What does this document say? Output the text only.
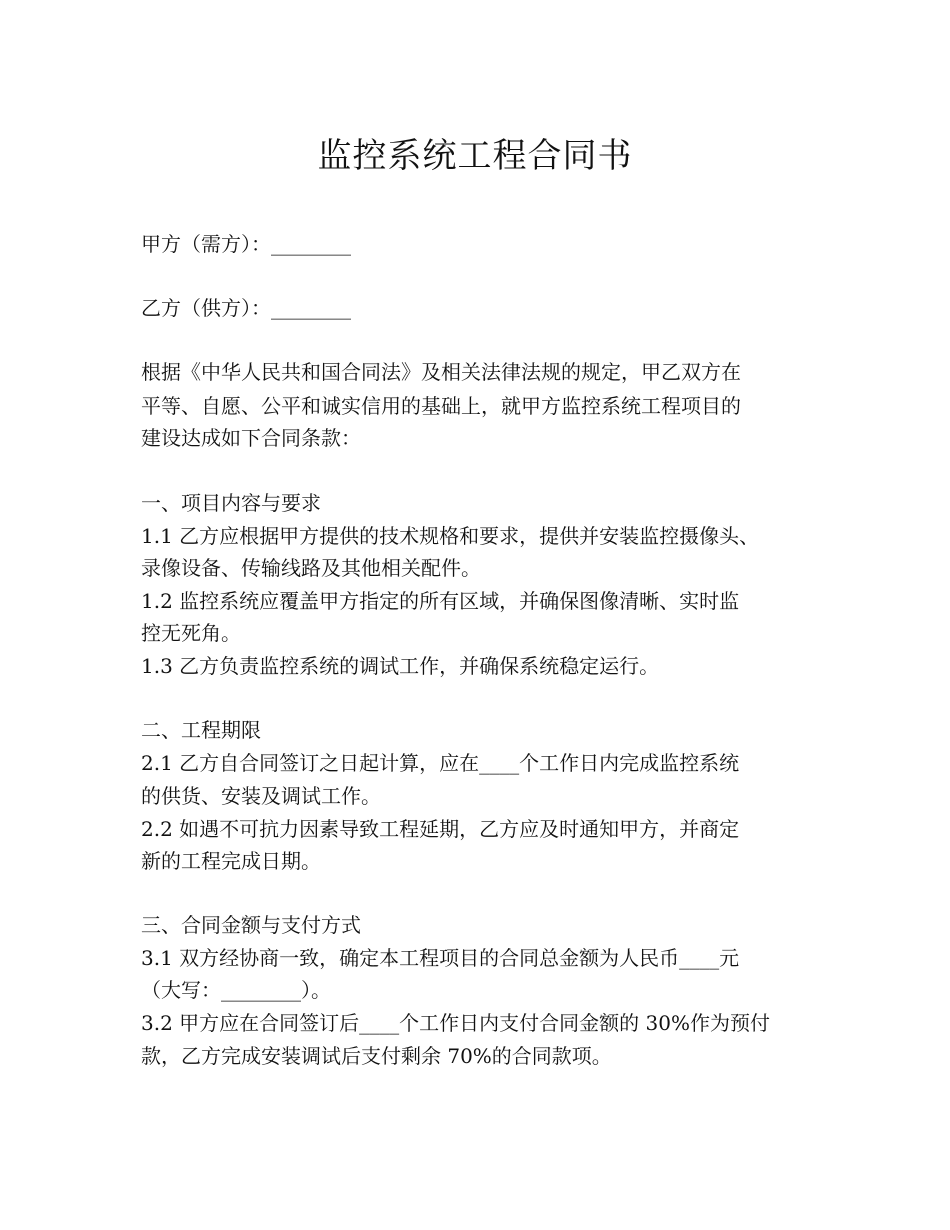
监控系统工程合同书

甲方（需方）：________

乙方（供方）：________

根据《中华人民共和国合同法》及相关法律法规的规定，甲乙双方在

平等、自愿、公平和诚实信用的基础上，就甲方监控系统工程项目的

建设达成如下合同条款：

一、项目内容与要求

1.1 乙方应根据甲方提供的技术规格和要求，提供并安装监控摄像头、

录像设备、传输线路及其他相关配件。

1.2 监控系统应覆盖甲方指定的所有区域，并确保图像清晰、实时监

控无死角。

1.3 乙方负责监控系统的调试工作，并确保系统稳定运行。

二、工程期限

2.1 乙方自合同签订之日起计算，应在____个工作日内完成监控系统

的供货、安装及调试工作。

2.2 如遇不可抗力因素导致工程延期，乙方应及时通知甲方，并商定

新的工程完成日期。

三、合同金额与支付方式

3.1 双方经协商一致，确定本工程项目的合同总金额为人民币____元

（大写：________）。

3.2 甲方应在合同签订后____个工作日内支付合同金额的 30%作为预付

款，乙方完成安装调试后支付剩余 70%的合同款项。
